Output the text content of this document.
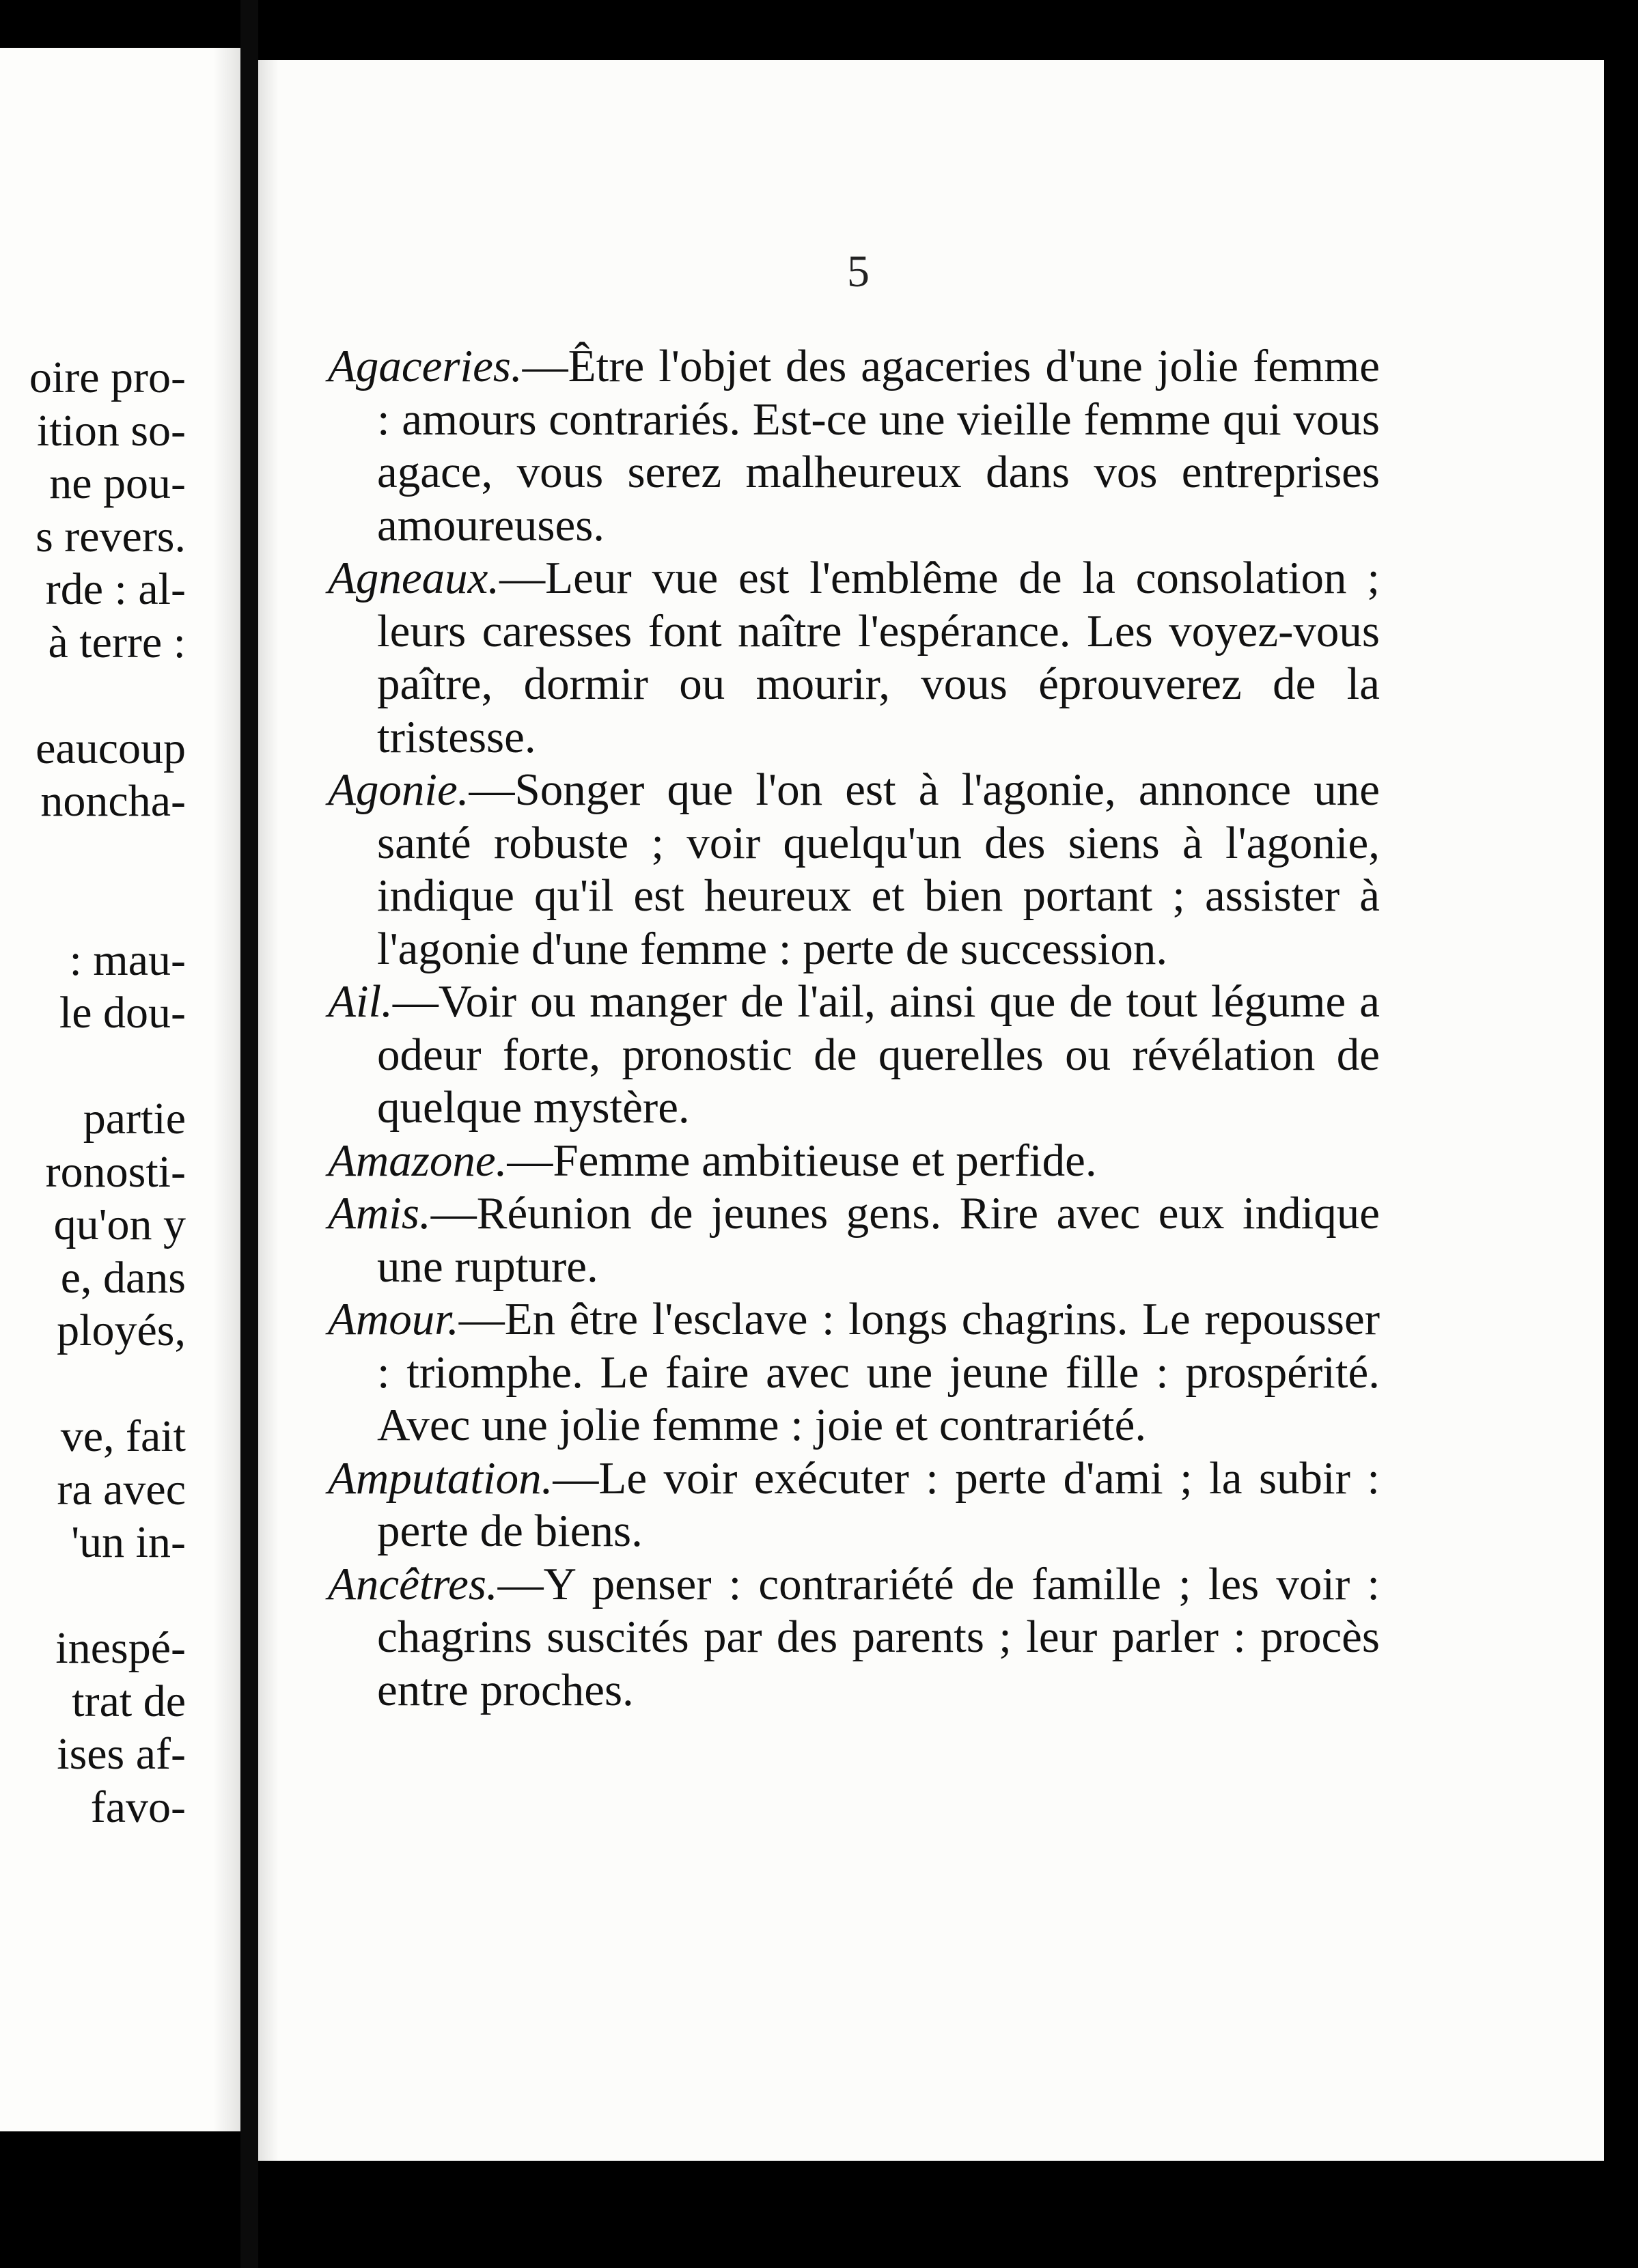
oire pro-
ition so-
ne pou-
s revers.
rde : al-
à terre :
eaucoup
noncha-
: mau-
le dou-
partie
ronosti-
qu'on y
e, dans
ployés,
ve, fait
ra avec
'un in-
inespé-
trat de
ises af-
favo-
5

Agaceries.—Être l'objet des agaceries d'une jolie femme : amours contrariés. Est-ce une vieille femme qui vous agace, vous serez malheureux dans vos entreprises amoureuses.

Agneaux.—Leur vue est l'emblême de la consolation ; leurs caresses font naître l'espérance. Les voyez-vous paître, dormir ou mourir, vous éprouverez de la tristesse.

Agonie.—Songer que l'on est à l'agonie, annonce une santé robuste ; voir quelqu'un des siens à l'agonie, indique qu'il est heureux et bien portant ; assister à l'agonie d'une femme : perte de succession.

Ail.—Voir ou manger de l'ail, ainsi que de tout légume a odeur forte, pronostic de querelles ou révélation de quelque mystère.

Amazone.—Femme ambitieuse et perfide.

Amis.—Réunion de jeunes gens. Rire avec eux indique une rupture.

Amour.—En être l'esclave : longs chagrins. Le repousser : triomphe. Le faire avec une jeune fille : prospérité. Avec une jolie femme : joie et contrariété.

Amputation.—Le voir exécuter : perte d'ami ; la subir : perte de biens.

Ancêtres.—Y penser : contrariété de famille ; les voir : chagrins suscités par des parents ; leur parler : procès entre proches.
